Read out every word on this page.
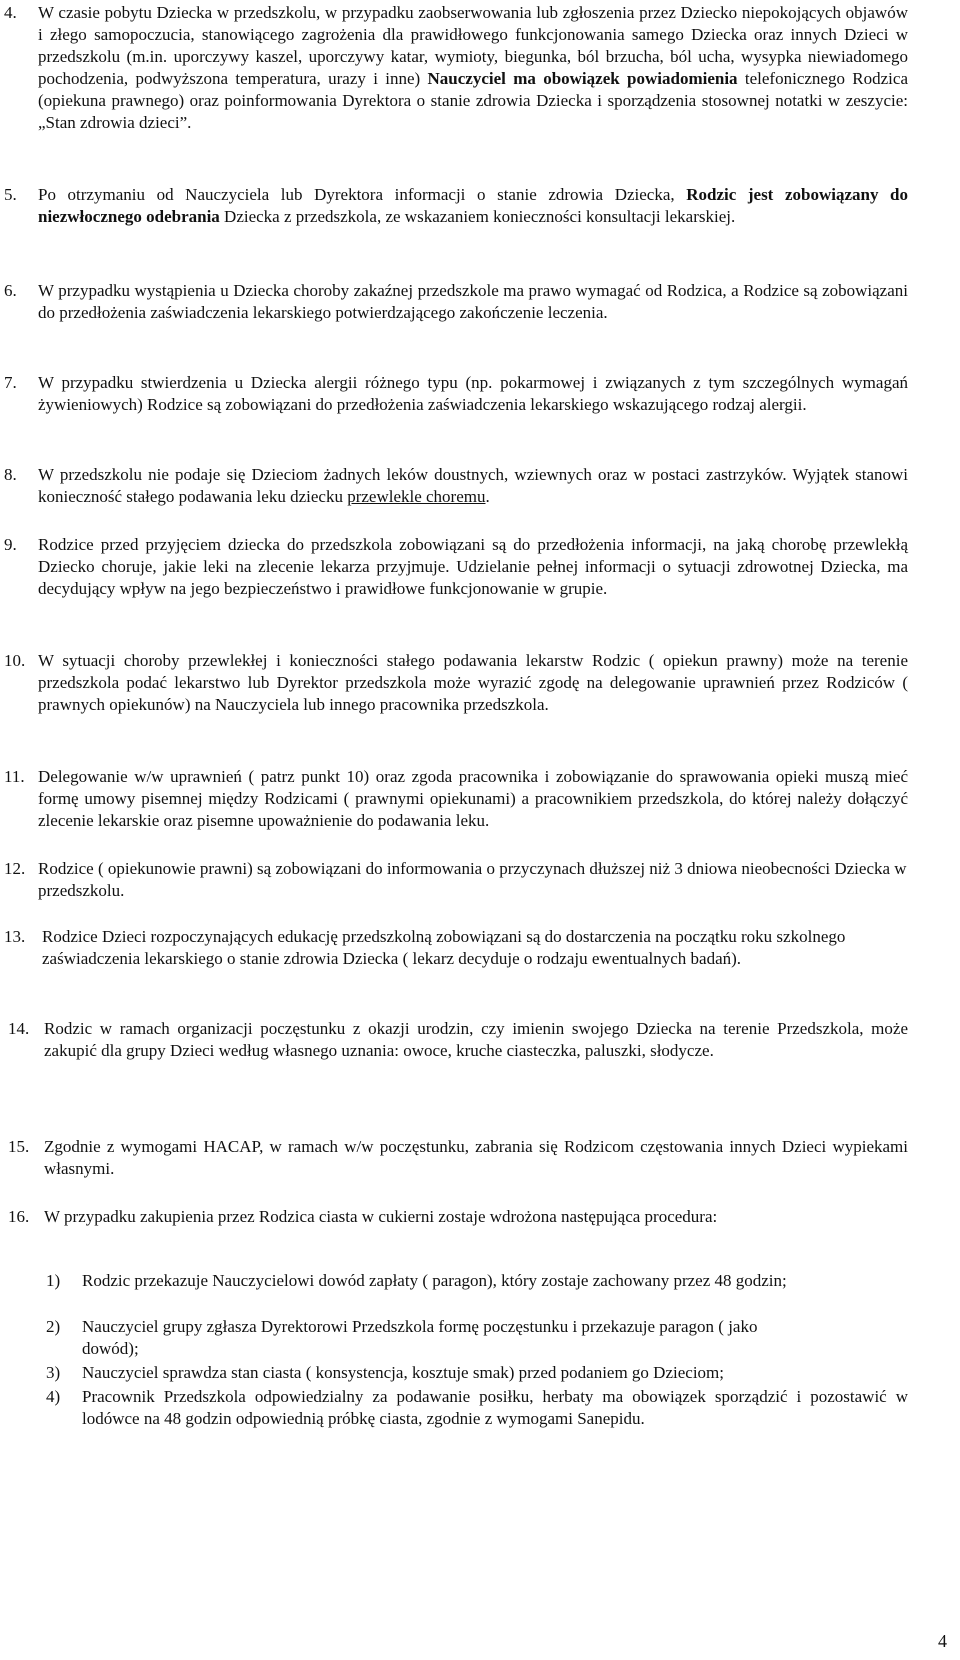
4. W czasie pobytu Dziecka w przedszkolu, w przypadku zaobserwowania lub zgłoszenia przez Dziecko niepokojących objawów i złego samopoczucia, stanowiącego zagrożenia dla prawidłowego funkcjonowania samego Dziecka oraz innych Dzieci w przedszkolu (m.in. uporczywy kaszel, uporczywy katar, wymioty, biegunka, ból brzucha, ból ucha, wysypka niewiadomego pochodzenia, podwyższona temperatura, urazy i inne) Nauczyciel ma obowiązek powiadomienia telefonicznego Rodzica (opiekuna prawnego) oraz poinformowania Dyrektora o stanie zdrowia Dziecka i sporządzenia stosownej notatki w zeszycie: „Stan zdrowia dzieci”.
5. Po otrzymaniu od Nauczyciela lub Dyrektora informacji o stanie zdrowia Dziecka, Rodzic jest zobowiązany do niezwłocznego odebrania Dziecka z przedszkola, ze wskazaniem konieczności konsultacji lekarskiej.
6. W przypadku wystąpienia u Dziecka choroby zakaźnej przedszkole ma prawo wymagać od Rodzica, a Rodzice są zobowiązani do przedłożenia zaświadczenia lekarskiego potwierdzającego zakończenie leczenia.
7. W przypadku stwierdzenia u Dziecka alergii różnego typu (np. pokarmowej i związanych z tym szczególnych wymagań żywieniowych) Rodzice są zobowiązani do przedłożenia zaświadczenia lekarskiego wskazującego rodzaj alergii.
8. W przedszkolu nie podaje się Dzieciom żadnych leków doustnych, wziewnych oraz w postaci zastrzyków. Wyjątek stanowi konieczność stałego podawania leku dziecku przewlekle choremu.
9. Rodzice przed przyjęciem dziecka do przedszkola zobowiązani są do przedłożenia informacji, na jaką chorobę przewlekłą Dziecko choruje, jakie leki na zlecenie lekarza przyjmuje. Udzielanie pełnej informacji o sytuacji zdrowotnej Dziecka, ma decydujący wpływ na jego bezpieczeństwo i prawidłowe funkcjonowanie w grupie.
10. W sytuacji choroby przewlekłej i konieczności stałego podawania lekarstw Rodzic ( opiekun prawny) może na terenie przedszkola podać lekarstwo lub Dyrektor przedszkola może wyrazić zgodę na delegowanie uprawnień przez Rodziców ( prawnych opiekunów) na Nauczyciela lub innego pracownika przedszkola.
11. Delegowanie w/w uprawnień ( patrz punkt 10) oraz zgoda pracownika i zobowiązanie do sprawowania opieki muszą mieć formę umowy pisemnej między Rodzicami ( prawnymi opiekunami) a pracownikiem przedszkola, do której należy dołączyć zlecenie lekarskie oraz pisemne upoważnienie do podawania leku.
12. Rodzice ( opiekunowie prawni) są zobowiązani do informowania o przyczynach dłuższej niż 3 dniowa nieobecności Dziecka w przedszkolu.
13. Rodzice Dzieci rozpoczynających edukację przedszkolną zobowiązani są do dostarczenia na początku roku szkolnego zaświadczenia lekarskiego o stanie zdrowia Dziecka ( lekarz decyduje o rodzaju ewentualnych badań).
14. Rodzic w ramach organizacji poczęstunku z okazji urodzin, czy imienin swojego Dziecka na terenie Przedszkola, może zakupić dla grupy Dzieci według własnego uznania: owoce, kruche ciasteczka, paluszki, słodycze.
15. Zgodnie z wymogami HACAP, w ramach w/w poczęstunku, zabrania się Rodzicom częstowania innych Dzieci wypiekami własnymi.
16. W przypadku zakupienia przez Rodzica ciasta w cukierni zostaje wdrożona następująca procedura:
1) Rodzic przekazuje Nauczycielowi dowód zapłaty ( paragon), który zostaje zachowany przez 48 godzin;
2) Nauczyciel grupy zgłasza Dyrektorowi Przedszkola formę poczęstunku i przekazuje paragon ( jako dowód);
3) Nauczyciel sprawdza stan ciasta ( konsystencja, kosztuje smak) przed podaniem go Dzieciom;
4) Pracownik Przedszkola odpowiedzialny za podawanie posiłku, herbaty ma obowiązek sporządzić i pozostawić w lodówce na 48 godzin odpowiednią próbkę ciasta, zgodnie z wymogami Sanepidu.
4
